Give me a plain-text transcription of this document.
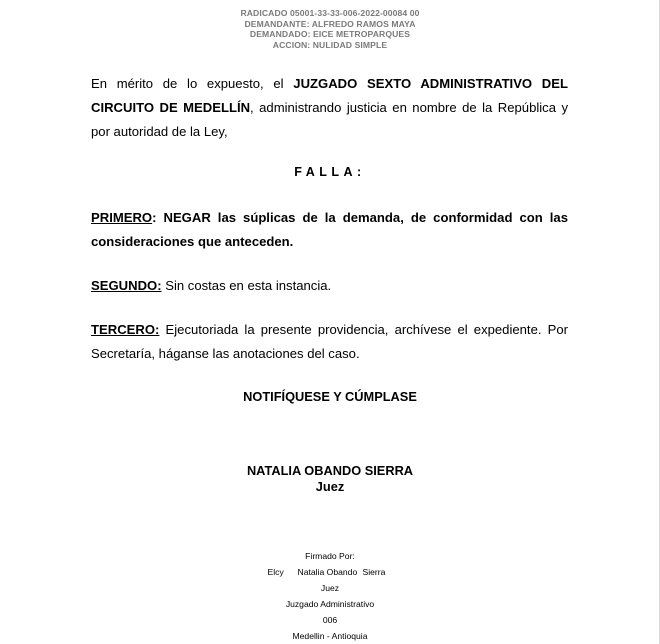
RADICADO 05001-33-33-006-2022-00084 00
DEMANDANTE: ALFREDO RAMOS MAYA
DEMANDADO: EICE METROPARQUES
ACCION: NULIDAD SIMPLE
En mérito de lo expuesto, el JUZGADO SEXTO ADMINISTRATIVO DEL CIRCUITO DE MEDELLÍN, administrando justicia en nombre de la República y por autoridad de la Ley,
FALLA:
PRIMERO: NEGAR las súplicas de la demanda, de conformidad con las consideraciones que anteceden.
SEGUNDO: Sin costas en esta instancia.
TERCERO: Ejecutoriada la presente providencia, archívese el expediente. Por Secretaría, háganse las anotaciones del caso.
NOTIFÍQUESE Y CÚMPLASE
NATALIA OBANDO SIERRA
Juez
Firmado Por:
Elcy	Natalia Obando Sierra
Juez
Juzgado Administrativo
006
Medellin - Antioquia
